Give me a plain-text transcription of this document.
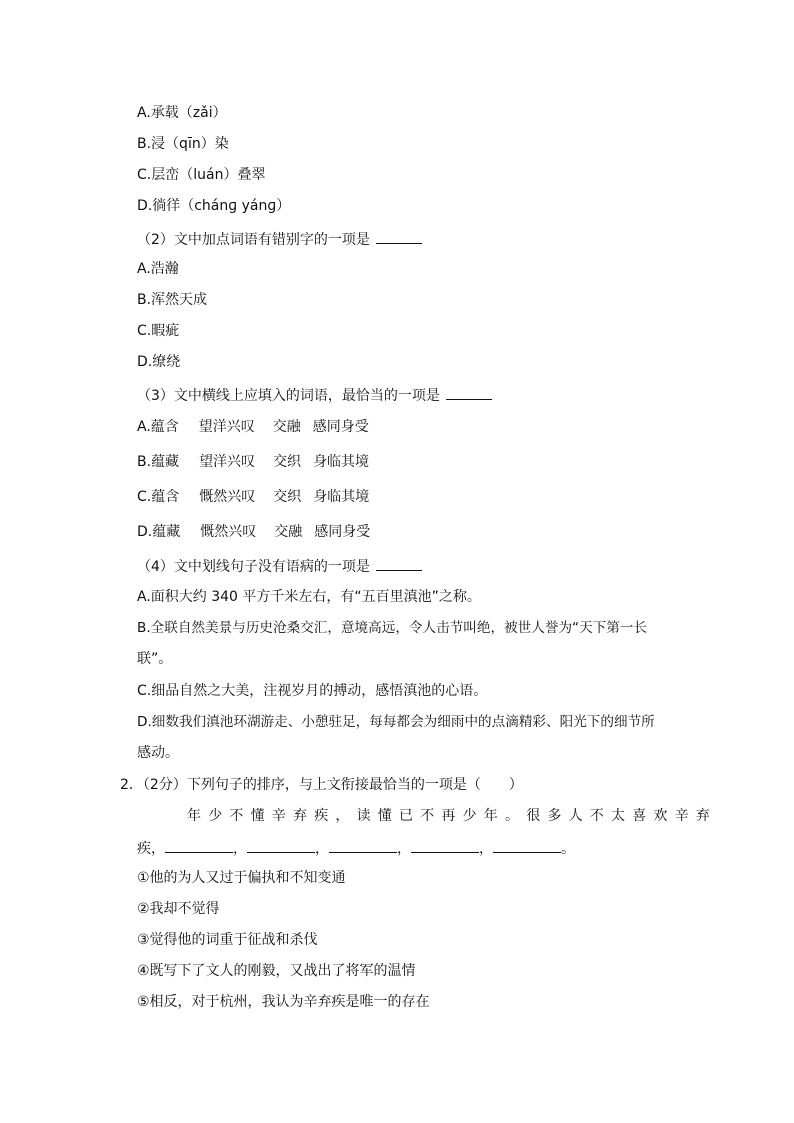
A.承载（zǎi）
B.浸（qīn）染
C.层峦（luán）叠翠
D.徜徉（chánɡ yánɡ）
（2）文中加点词语有错别字的一项是
A.浩瀚
B.浑然天成
C.暇疵
D.缭绕
（3）文中横线上应填入的词语，最恰当的一项是
A.蕴含 望洋兴叹 交融 感同身受
B.蕴藏 望洋兴叹 交织 身临其境
C.蕴含 慨然兴叹 交织 身临其境
D.蕴藏 慨然兴叹 交融 感同身受
（4）文中划线句子没有语病的一项是
A.面积大约 340 平方千米左右，有“五百里滇池”之称。
B.全联自然美景与历史沧桑交汇，意境高远，令人击节叫绝，被世人誉为“天下第一长
联”。
C.细品自然之大美，注视岁月的搏动，感悟滇池的心语。
D.细数我们滇池环湖游走、小憩驻足，每每都会为细雨中的点滴精彩、阳光下的细节所
感动。
2．（2分）下列句子的排序，与上文衔接最恰当的一项是（　　）
年少不懂辛弃疾，读懂已不再少年。很多人不太喜欢辛弃
疾，	，	，	，	，	。
①他的为人又过于偏执和不知变通
②我却不觉得
③觉得他的词重于征战和杀伐
④既写下了文人的刚毅，又战出了将军的温情
⑤相反，对于杭州，我认为辛弃疾是唯一的存在
